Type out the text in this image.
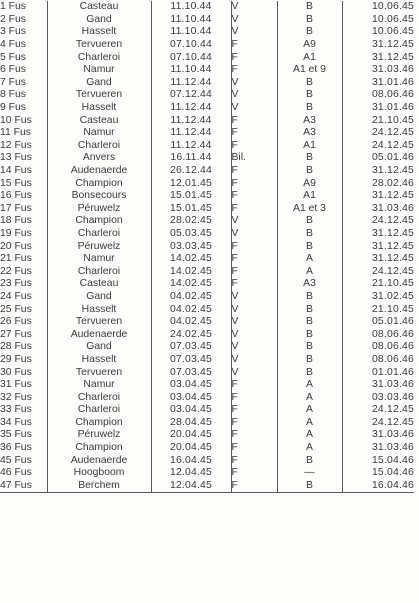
1 Fus	Casteau	11.10.44	V	B	10.06.45
2 Fus	Gand	11.10.44	V	B	10.06.45
3 Fus	Hasselt	11.10.44	V	B	10.06.45
4 Fus	Tervueren	07.10.44	F	A9	31.12.45
5 Fus	Charleroi	07.10.44	F	A1	31.12.45
6 Fus	Namur	11.10.44	F	A1 et 9	31.03.46
7 Fus	Gand	11.12.44	V	B	31.01.46
8 Fus	Tervueren	07.12.44	V	B	08.06.46
9 Fus	Hasselt	11.12.44	V	B	31.01.46
10 Fus	Casteau	11.12.44	F	A3	21.10.45
11 Fus	Namur	11.12.44	F	A3	24.12.45
12 Fus	Charleroi	11.12.44	F	A1	24.12.45
13 Fus	Anvers	16.11.44	Bil.	B	05.01.46
14 Fus	Audenaerde	26.12.44	F	B	31.12.45
15 Fus	Champion	12.01.45	F	A9	28.02.46
16 Fus	Bonsecours	15.01.45	F	A1	31.12.45
17 Fus	Péruwelz	15.01.45	F	A1 et 3	31.03.46
18 Fus	Champion	28.02.45	V	B	24.12.45
19 Fus	Charleroi	05.03.45	V	B	31.12.45
20 Fus	Péruwelz	03.03.45	F	B	31.12.45
21 Fus	Namur	14.02.45	F	A	31.12.45
22 Fus	Charleroi	14.02.45	F	A	24.12.45
23 Fus	Casteau	14.02.45	F	A3	21.10.45
24 Fus	Gand	04.02.45	V	B	31.02.45
25 Fus	Hasselt	04.02.45	V	B	21.10.45
26 Fus	Tervueren	04.02.45	V	B	05.01.46
27 Fus	Audenaerde	24.02.45	V	B	08.06.46
28 Fus	Gand	07.03.45	V	B	08.06.46
29 Fus	Hasselt	07.03.45	V	B	08.06.46
30 Fus	Tervueren	07.03.45	V	B	01.01.46
31 Fus	Namur	03.04.45	F	A	31.03.46
32 Fus	Charleroi	03.04.45	F	A	03.03.46
33 Fus	Charleroi	03.04.45	F	A	24.12.45
34 Fus	Champion	28.04.45	F	A	24.12.45
35 Fus	Péruwelz	20.04.45	F	A	31.03.46
36 Fus	Champion	20.04.45	F	A	31.03.46
45 Fus	Audenaerde	16.04.45	F	B	15.04.46
46 Fus	Hoogboom	12.04.45	F	—	15.04.46
47 Fus	Berchem	12.04.45	F	B	16.04.46
